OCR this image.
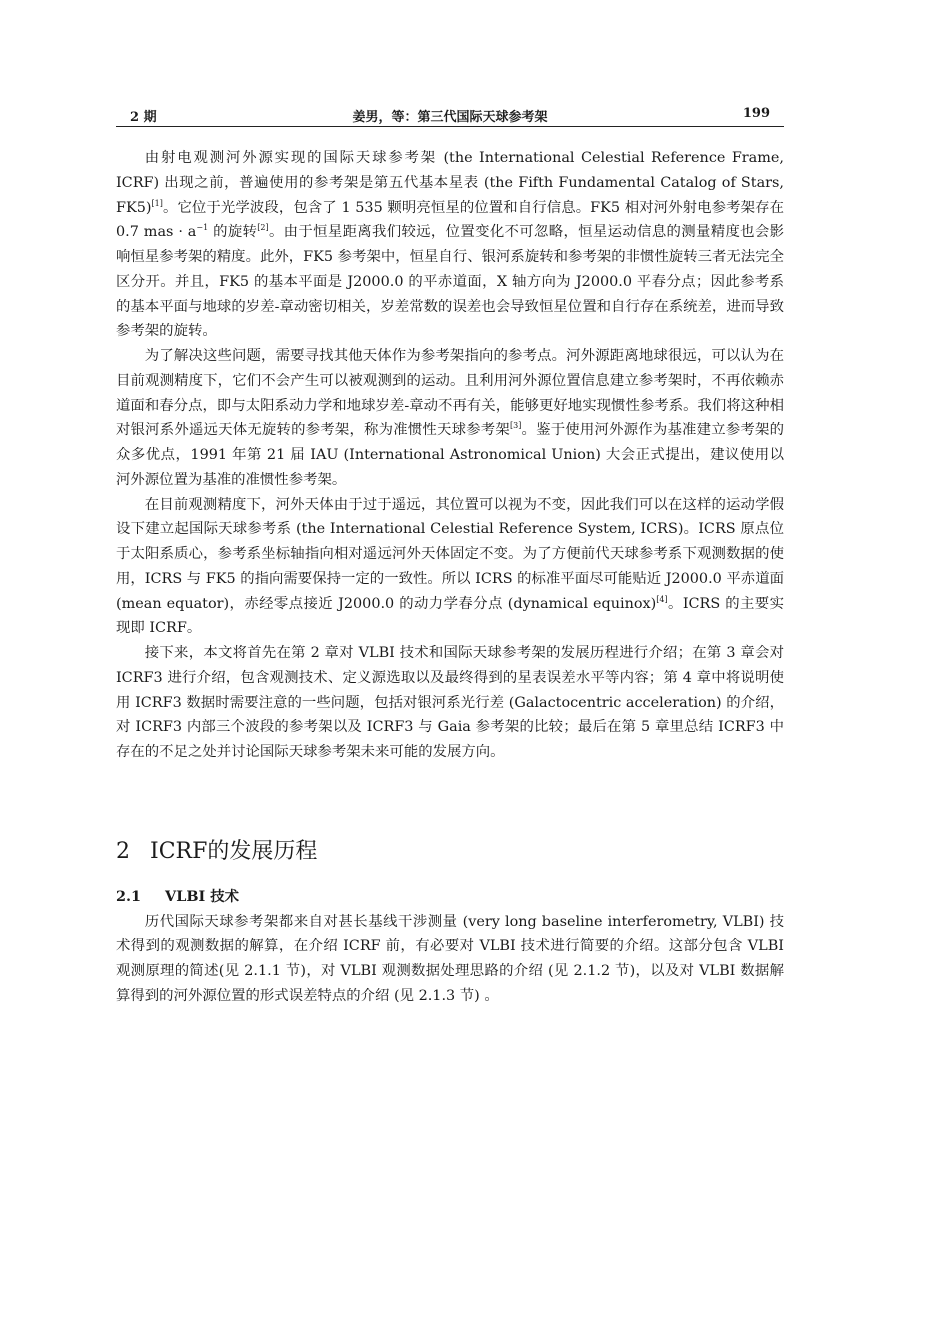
2 期	姜男，等：第三代国际天球参考架	199

由射电观测河外源实现的国际天球参考架 (the International Celestial Reference Frame, ICRF) 出现之前，普遍使用的参考架是第五代基本星表 (the Fifth Fundamental Catalog of Stars, FK5)[1]。它位于光学波段，包含了 1 535 颗明亮恒星的位置和自行信息。FK5 相对河外射电参考架存在 0.7 mas · $a^{-1}$ 的旋转[2]。由于恒星距离我们较远，位置变化不可忽略，恒星运动信息的测量精度也会影响恒星参考架的精度。此外，FK5 参考架中，恒星自行、银河系旋转和参考架的非惯性旋转三者无法完全区分开。并且，FK5 的基本平面是 J2000.0 的平赤道面，X 轴方向为 J2000.0 平春分点；因此参考系的基本平面与地球的岁差-章动密切相关，岁差常数的误差也会导致恒星位置和自行存在系统差，进而导致参考架的旋转。

为了解决这些问题，需要寻找其他天体作为参考架指向的参考点。河外源距离地球很远，可以认为在目前观测精度下，它们不会产生可以被观测到的运动。且利用河外源位置信息建立参考架时，不再依赖赤道面和春分点，即与太阳系动力学和地球岁差-章动不再有关，能够更好地实现惯性参考系。我们将这种相对银河系外遥远天体无旋转的参考架，称为准惯性天球参考架[3]。鉴于使用河外源作为基准建立参考架的众多优点，1991 年第 21 届 IAU (International Astronomical Union) 大会正式提出，建议使用以河外源位置为基准的准惯性参考架。

在目前观测精度下，河外天体由于过于遥远，其位置可以视为不变，因此我们可以在这样的运动学假设下建立起国际天球参考系 (the International Celestial Reference System, ICRS)。ICRS 原点位于太阳系质心，参考系坐标轴指向相对遥远河外天体固定不变。为了方便前代天球参考系下观测数据的使用，ICRS 与 FK5 的指向需要保持一定的一致性。所以 ICRS 的标准平面尽可能贴近 J2000.0 平赤道面 (mean equator)，赤经零点接近 J2000.0 的动力学春分点 (dynamical equinox)[4]。ICRS 的主要实现即 ICRF。

接下来，本文将首先在第 2 章对 VLBI 技术和国际天球参考架的发展历程进行介绍；在第 3 章会对 ICRF3 进行介绍，包含观测技术、定义源选取以及最终得到的星表误差水平等内容；第 4 章中将说明使用 ICRF3 数据时需要注意的一些问题，包括对银河系光行差 (Galactocentric acceleration) 的介绍，对 ICRF3 内部三个波段的参考架以及 ICRF3 与 Gaia 参考架的比较；最后在第 5 章里总结 ICRF3 中存在的不足之处并讨论国际天球参考架未来可能的发展方向。

2 ICRF的发展历程
2.1 VLBI 技术

历代国际天球参考架都来自对甚长基线干涉测量 (very long baseline interferometry, VLBI) 技术得到的观测数据的解算，在介绍 ICRF 前，有必要对 VLBI 技术进行简要的介绍。这部分包含 VLBI 观测原理的简述(见 2.1.1 节)，对 VLBI 观测数据处理思路的介绍 (见 2.1.2 节)，以及对 VLBI 数据解算得到的河外源位置的形式误差特点的介绍 (见 2.1.3 节) 。
